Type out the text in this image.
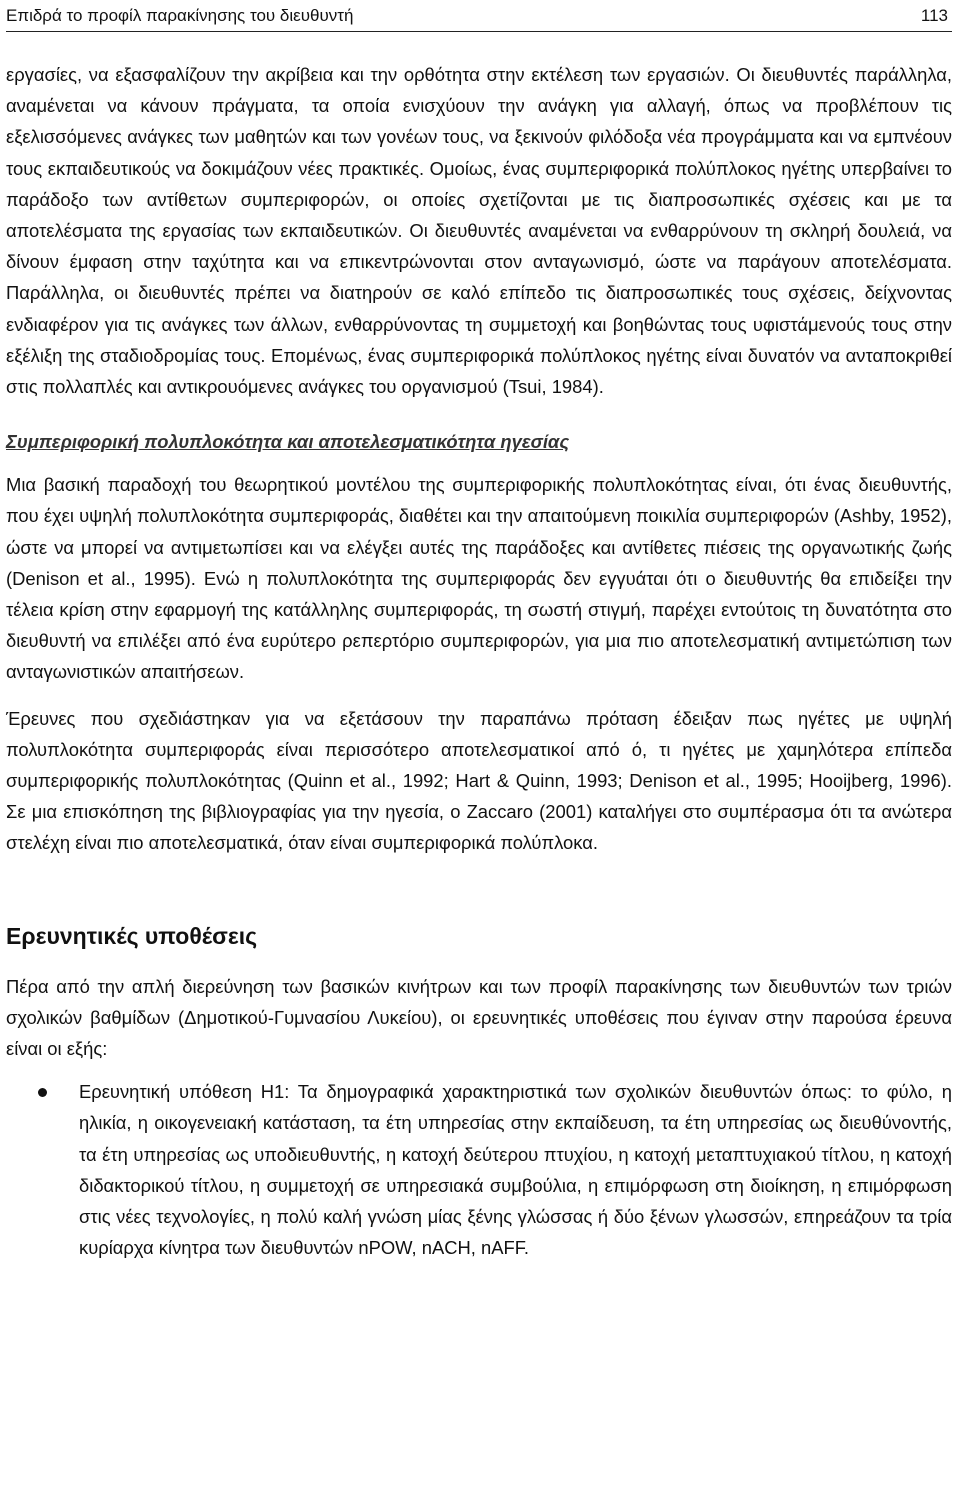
Επιδρά το προφίλ παρακίνησης του διευθυντή	113

εργασίες, να εξασφαλίζουν την ακρίβεια και την ορθότητα στην εκτέλεση των εργασιών. Οι διευθυντές παράλληλα, αναμένεται να κάνουν πράγματα, τα οποία ενισχύουν την ανάγκη για αλλαγή, όπως να προβλέπουν τις εξελισσόμενες ανάγκες των μαθητών και των γονέων τους, να ξεκινούν φιλόδοξα νέα προγράμματα και να εμπνέουν τους εκπαιδευτικούς να δοκιμάζουν νέες πρακτικές. Ομοίως, ένας συμπεριφορικά πολύπλοκος ηγέτης υπερβαίνει το παράδοξο των αντίθετων συμπεριφορών, οι οποίες σχετίζονται με τις διαπροσωπικές σχέσεις και με τα αποτελέσματα της εργασίας των εκπαιδευτικών. Οι διευθυντές αναμένεται να ενθαρρύνουν τη σκληρή δουλειά, να δίνουν έμφαση στην ταχύτητα και να επικεντρώνονται στον ανταγωνισμό, ώστε να παράγουν αποτελέσματα. Παράλληλα, οι διευθυντές πρέπει να διατηρούν σε καλό επίπεδο τις διαπροσωπικές τους σχέσεις, δείχνοντας ενδιαφέρον για τις ανάγκες των άλλων, ενθαρρύνοντας τη συμμετοχή και βοηθώντας τους υφιστάμενούς τους στην εξέλιξη της σταδιοδρομίας τους. Επομένως, ένας συμπεριφορικά πολύπλοκος ηγέτης είναι δυνατόν να ανταποκριθεί στις πολλαπλές και αντικρουόμενες ανάγκες του οργανισμού (Tsui, 1984).

Συμπεριφορική πολυπλοκότητα και αποτελεσματικότητα ηγεσίας

Μια βασική παραδοχή του θεωρητικού μοντέλου της συμπεριφορικής πολυπλοκότητας είναι, ότι ένας διευθυντής, που έχει υψηλή πολυπλοκότητα συμπεριφοράς, διαθέτει και την απαιτούμενη ποικιλία συμπεριφορών (Ashby, 1952), ώστε να μπορεί να αντιμετωπίσει και να ελέγξει αυτές της παράδοξες και αντίθετες πιέσεις της οργανωτικής ζωής (Denison et al., 1995). Ενώ η πολυπλοκότητα της συμπεριφοράς δεν εγγυάται ότι ο διευθυντής θα επιδείξει την τέλεια κρίση στην εφαρμογή της κατάλληλης συμπεριφοράς, τη σωστή στιγμή, παρέχει εντούτοις τη δυνατότητα στο διευθυντή να επιλέξει από ένα ευρύτερο ρεπερτόριο συμπεριφορών, για μια πιο αποτελεσματική αντιμετώπιση των ανταγωνιστικών απαιτήσεων.

Έρευνες που σχεδιάστηκαν για να εξετάσουν την παραπάνω πρόταση έδειξαν πως ηγέτες με υψηλή πολυπλοκότητα συμπεριφοράς είναι περισσότερο αποτελεσματικοί από ό, τι ηγέτες με χαμηλότερα επίπεδα συμπεριφορικής πολυπλοκότητας (Quinn et al., 1992; Hart & Quinn, 1993; Denison et al., 1995; Hooijberg, 1996). Σε μια επισκόπηση της βιβλιογραφίας για την ηγεσία, ο Zaccaro (2001) καταλήγει στο συμπέρασμα ότι τα ανώτερα στελέχη είναι πιο αποτελεσματικά, όταν είναι συμπεριφορικά πολύπλοκα.

Ερευνητικές υποθέσεις

Πέρα από την απλή διερεύνηση των βασικών κινήτρων και των προφίλ παρακίνησης των διευθυντών των τριών σχολικών βαθμίδων (Δημοτικού-Γυμνασίου Λυκείου), οι ερευνητικές υποθέσεις που έγιναν στην παρούσα έρευνα είναι οι εξής:

Ερευνητική υπόθεση Η1: Τα δημογραφικά χαρακτηριστικά των σχολικών διευθυντών όπως: το φύλο, η ηλικία, η οικογενειακή κατάσταση, τα έτη υπηρεσίας στην εκπαίδευση, τα έτη υπηρεσίας ως διευθύνοντής, τα έτη υπηρεσίας ως υποδιευθυντής, η κατοχή δεύτερου πτυχίου, η κατοχή μεταπτυχιακού τίτλου, η κατοχή διδακτορικού τίτλου, η συμμετοχή σε υπηρεσιακά συμβούλια, η επιμόρφωση στη διοίκηση, η επιμόρφωση στις νέες τεχνολογίες, η πολύ καλή γνώση μίας ξένης γλώσσας ή δύο ξένων γλωσσών, επηρεάζουν τα τρία κυρίαρχα κίνητρα των διευθυντών nPOW, nACH, nAFF.
